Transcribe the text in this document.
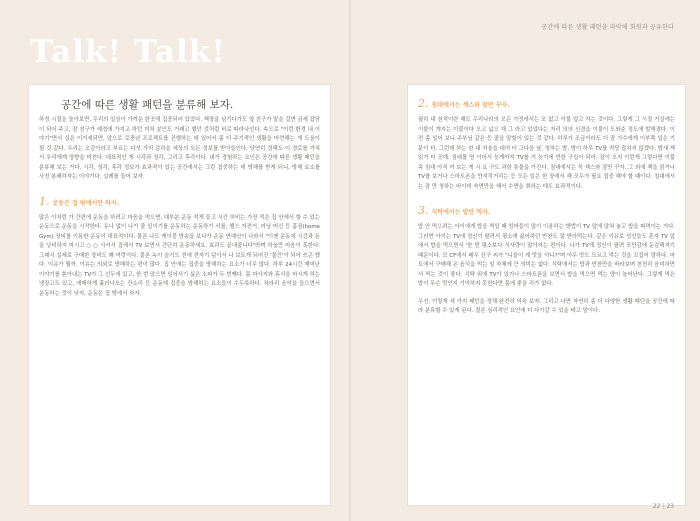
공간에 따른 생활 패턴을 파악해 회원과 공유한다
Talk! Talk!
공간에 따른 생활 패턴을 분류해 보자.

하정 시절을 돌아보면, 우리의 일상이 가까운 한곳에 집중되어 있었다. 책장을 넘기다가도 옆 친구가 말을 걸면 금세 잡담이 되어 주고, 잘 친구가 예정에 가지고 하던 미처 분인도 거래고 했던 것처럼 비로 따라나선다. 속으로 "이런 환경 내 이야기"면서 실은 이거세되면, 앞으로 로충년 프로젝트를 진행하는 데 있어서 좀 더 주기적인 생활을 마련해는 게 도움이 될 것 같다. 우리는 오감이라고 부르는 다섯 가지 감각을 세상의 모든 정보를 받아들인다. 당연히 정해도 이 경로를 거쳐서 우리에게 영향을 미친다. 대표적인 게 시각과 청각, 그리고 후각이다. 내가 경험하는 요인은 공간에 따른 생활 패턴을 분류해 보는 거다. 시각, 청각, 후각 정보가 효과적이 있는 공간에서는 그런 집중하는 데 방해를 받게 되니, 방해 요소를 사전 봉쇄하자는 이야기다. 실례를 들어 보자.

1. 운동은 집 밖에서만 하자.

많은 이처럼 가 간편에 운동을 하려고 마음을 먹으면, 대부분 운동 적게 들고 시간 허비는 가장 적은 집 안에서 할 수 있는 운동으로 운동을 시작한다. 유나 없이 나가 줄 일이기를 운동하는 운동하기 서를, 헬스 자전거, 러닝 머신 등 홈짐(home Gym) 장비를 이용한 운동이 대표적이다. 물론 나도 케이블 방송을 보다가 운동 연예인이 나와서 "이젠 운동에 시간과 돈을 낭비하지 마시고 ○ ○ 사서서 집에서 TV 보면서 간단히 운동하세요. 효과도 끝내줍니다"라며 하늘만 마음이 혹한다. 그래서 실제로 구매한 장비도 꽤 여럿이다. 물론 녹이 슬기도 전에 전자기 덤이서 나 보트게 되어진 '물건'이 되어 쓰곤 했다. 이유가 뭘까. 이유는 의외로 방해하는 편이 많다. 집 안에는 집중을 방해하는 요소가 너무 많다. 하루 24시간 재미난 이야기를 쏟아내는 TV가 그 선두에 있고, 한 번 앉으면 일어서기 싫은 소파가 두 번째다. 몸 마사지와 휴식을 마시게 하는 냉장고도 있고, 애매하게 흘러나오는 잔소리 등 운동에 집중을 방해하는 요소들이 수두룩하다. 차라리 음악을 들으면서 운동하는 것이 낫지, 운동은 집 밖에서 하자.

2. 침대에서는 섹스와 잠만 꾸자.

필히 내 천적이란 해도 우리나라의 모든 가정에서는 오 없고 이불 덮고 자는 것이다. 그렇게 그 시절 거실에는 이불이 개지는 이불이다 오고 넓으 재 그 라고 있었다는 자리 의의 신경을 이불이 도와준 정도에 발해졌다. 이전 좀 일어 보니 주부님 같은 등 줄을 말할이 있는 것 같다. 하루가 조금이라도 더 잘 가수에게 이부쪽 일은 기분이 터. 그런데 하는 한 대 처울을 대여 터 그다음 날, 청하는 밤, 밤이 하루 TV를 적당 잡치지 않겠다. 밤새 책읽거 터 곳에. 침대를 영 이어서 늦게까지 TV를 거 늦기에 빈한 구실이 되어. 잠이 오지 이런게 그렇다면 이불 속 침대 아직 여 보는 게 시 요 구도 과한 통물을 가진다. 침대에서는 꼭 섹스와 잠만 꾸자. 그 외에 책을 읽거나 TV를 보거나 스마트폰을 만지작거리는 등 모든 일은 한 장에서 해 모두가 필요 집중 해야 할 때이다. 침대에서는 잠 만 청하는 바이어 숙면만을 해서 수면을 취하는 데도 효과적이다.

3. 식탁에서는 밥만 먹자.

밥 안 먹으려는 아이에게 밥을 먹일 때 엄마들이 많이 이용하는 방법이 TV 앞에 앉혀 놓고 밥을 떠먹이는 거다. 그러면 아이는 TV에 정신이 팔려서 평소에 싫어하던 반찬도 잘 받아먹는다. 같은 이유로 성인들도 혼자 TV 앞에서 밥을 먹으면서 '한 번 평소보다 식사량이 많아지는 편이다. 나가 TV에 정신이 팔려 포만감에 둔감해지기 때문이다. 모 CF에서 배우 신구 씨가 "니들이 게 맛을 아니?"며 아무 맛도 모르고 먹는 것을 꼬집어 말하다. 마트에서 구매해 온 음식을 먹는 일 자체에 큰 의미는 없다. 식탁에서는 밥과 반찬만을 바라보며 천천히 음미하면서 먹는 것이 좋다. 식탁 위에 TV가 있거나 스마트폰을 보면서 밥을 먹으면 먹는 양이 늘어난다. 그렇게 먹은 밥이 무슨 맛인지 기억하지 못한다면 몸에 좋을 리가 없다.

우선, 이렇게 세 가지 패턴을 정해 완전히 익숙 보자. 그리고 나면 자연히 좀 더 다양한 생활 패턴을 공간에 따라 분류할 수 있게 된다. 결론 심리적인 요인에 더 다가갈 수 있을 테고 말이다.

22 | 23
